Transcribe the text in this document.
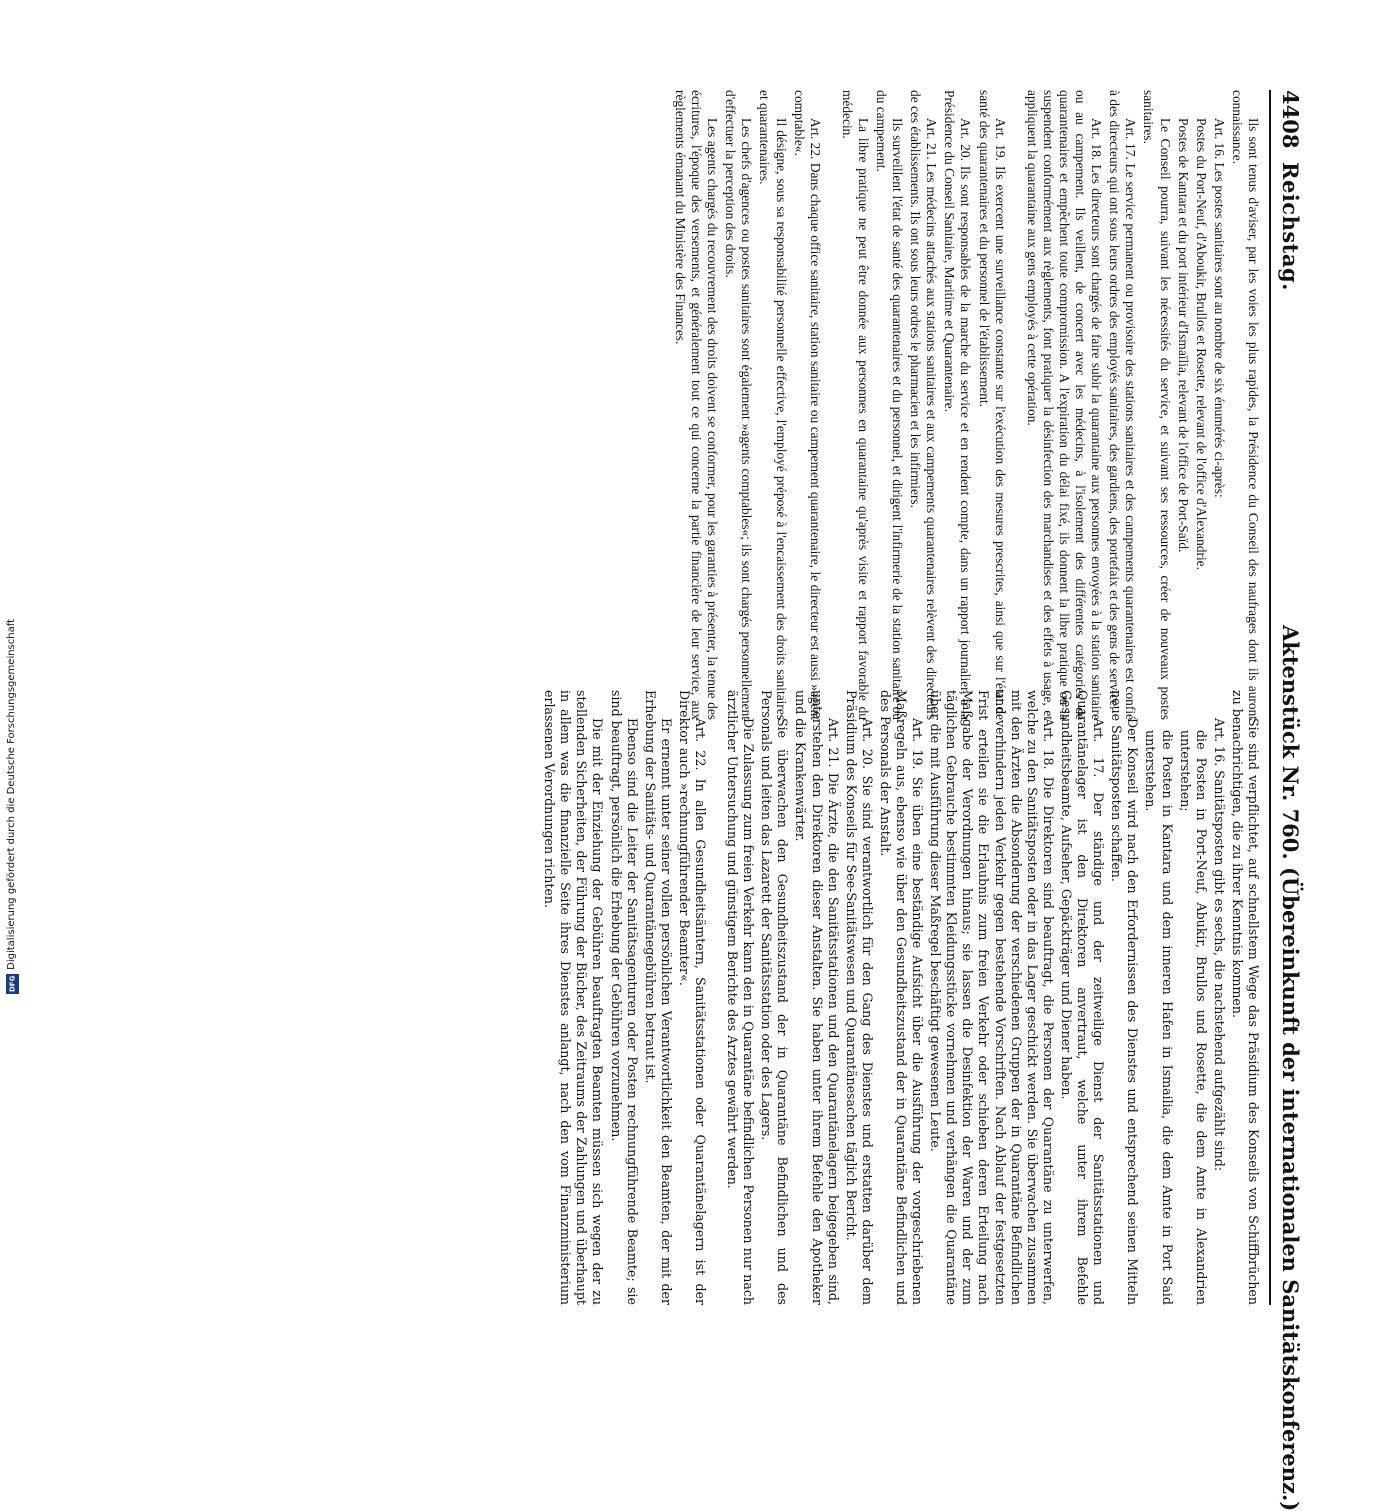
4408
Reichstag.
Aktenstück Nr. 760. (Übereinkunft der internationalen Sanitätskonferenz.)

Ils sont tenus d'aviser, par les voies les plus rapides, la Présidence du Conseil des naufrages dont ils auront connaissance.

Art. 16. Les postes sanitaires sont au nombre de six énumérés ci-après:

Postes du Port-Neuf, d'Aboukir, Brullos et Rosette, relevant de l'office d'Alexandrie.

Postes de Kantara et du port intérieur d'Ismaïlia, relevant de l'office de Port-Saïd.

Le Conseil pourra, suivant les nécessités du service, et suivant ses ressources, créer de nouveaux postes sanitaires.

Art. 17. Le service permanent ou provisoire des stations sanitaires et des campements quarantenaires est confié à des directeurs qui ont sous leurs ordres des employés sanitaires, des gardiens, des portefaix et des gens de service.

Art. 18. Les directeurs sont chargés de faire subir la quarantaine aux personnes envoyées à la station sanitaire ou au campement. Ils veillent, de concert avec les médecins, à l'isolement des différentes catégories de quarantenaires et empêchent toute compromission. A l'expiration du délai fixé, ils donnent la libre pratique ou la suspendent conformément aux règlements, font pratiquer la désinfection des marchandises et des effets à usage, et appliquent la quarantaine aux gens employés à cette opération.

Art. 19. Ils exercent une surveillance constante sur l'exécution des mesures prescrites, ainsi que sur l'état de santé des quarantenaires et du personnel de l'établissement.

Art. 20. Ils sont responsables de la marche du service et en rendent compte, dans un rapport journalier, à la Présidence du Conseil Sanitaire, Maritime et Quarantenaire.

Art. 21. Les médecins attachés aux stations sanitaires et aux campements quarantenaires relèvent des directeurs de ces établissements. Ils ont sous leurs ordres le pharmacien et les infirmiers.

Ils surveillent l'état de santé des quarantenaires et du personnel, et dirigent l'infirmerie de la station sanitaire ou du campement.

La libre pratique ne peut être donnée aux personnes en quarantaine qu'après visite et rapport favorable du médecin.

Art. 22. Dans chaque office sanitaire, station sanitaire ou campement quarantenaire, le directeur est aussi »agent comptable«.

Il désigne, sous sa responsabilité personnelle effective, l'employé préposé à l'encaissement des droits sanitaires et quarantenaires.

Les chefs d'agences ou postes sanitaires sont également »agents comptables«; ils sont chargés personnellement d'effectuer la perception des droits.

Les agents chargés du recouvrement des droits doivent se conformer, pour les garanties à présenter, la tenue des écritures, l'époque des versements, et généralement tout ce qui concerne la partie financière de leur service, aux règlements émanant du Ministère des Finances.

Sie sind verpflichtet, auf schnellstem Wege das Präsidium des Konseils von Schiffbrüchen zu benachrichtigen, die zu ihrer Kenntnis kommen.

Art. 16. Sanitätsposten gibt es sechs, die nachstehend aufgezählt sind:

die Posten in Port-Neuf, Abukir, Brullos und Rosette, die dem Amte in Alexandrien unterstehen;

die Posten in Kantara und dem inneren Hafen in Ismailia, die dem Amte in Port Said unterstehen.

Der Konseil wird nach den Erfordernissen des Dienstes und entsprechend seinen Mitteln neue Sanitätsposten schaffen.

Art. 17. Der ständige und der zeitweilige Dienst der Sanitätsstationen und Quarantänelager ist den Direktoren anvertraut, welche unter ihrem Befehle Gesundheitsbeamte, Aufseher, Gepäckträger und Diener haben.

Art. 18. Die Direktoren sind beauftragt, die Personen der Quarantäne zu unterwerfen, welche zu den Sanitätsposten oder in das Lager geschickt werden. Sie überwachen zusammen mit den Ärzten die Absonderung der verschiedenen Gruppen der in Quarantäne Befindlichen und verhindern jeden Verkehr gegen bestehende Vorschriften. Nach Ablauf der festgesetzten Frist erteilen sie die Erlaubnis zum freien Verkehr oder schieben deren Erteilung nach Maßgabe der Verordnungen hinaus; sie lassen die Desinfektion der Waren und der zum täglichen Gebrauche bestimmten Kleidungsstücke vornehmen und verhängen die Quarantäne über die mit Ausführung dieser Maßregel beschäftigt gewesenen Leute.

Art. 19. Sie üben eine beständige Aufsicht über die Ausführung der vorgeschriebenen Maßregeln aus, ebenso wie über den Gesundheitszustand der in Quarantäne Befindlichen und des Personals der Anstalt.

Art. 20. Sie sind verantwortlich für den Gang des Dienstes und erstatten darüber dem Präsidium des Konseils für See-Sanitätswesen und Quarantänesachen täglich Bericht.

Art. 21. Die Ärzte, die den Sanitätsstationen und den Quarantänelagern beigegeben sind, unterstehen den Direktoren dieser Anstalten. Sie haben unter ihrem Befehle den Apotheker und die Krankenwärter.

Sie überwachen den Gesundheitszustand der in Quarantäne Befindlichen und des Personals und leiten das Lazarett der Sanitätsstation oder des Lagers.

Die Zulassung zum freien Verkehr kann den in Quarantäne befindlichen Personen nur nach ärztlicher Untersuchung und günstigem Berichte des Arztes gewährt werden.

Art. 22. In allen Gesundheitsämtern, Sanitätsstationen oder Quarantänelagern ist der Direktor auch »rechnungführender Beamter«.

Er ernennt unter seiner vollen persönlichen Verantwortlichkeit den Beamten, der mit der Erhebung der Sanitäts- und Quarantänegebühren betraut ist.

Ebenso sind die Leiter der Sanitätsagenturen oder Posten rechnungführende Beamte; sie sind beauftragt, persönlich die Erhebung der Gebühren vorzunehmen.

Die mit der Einziehung der Gebühren beauftragten Beamten müssen sich wegen der zu stellenden Sicherheiten, der Führung der Bücher, des Zeitraums der Zahlungen und überhaupt in allem was die finanzielle Seite ihres Dienstes anlangt, nach den vom Finanzministerium erlassenen Verordnungen richten.

Digitalisierung gefördert durch die Deutsche Forschungsgemeinschaft
DFG
